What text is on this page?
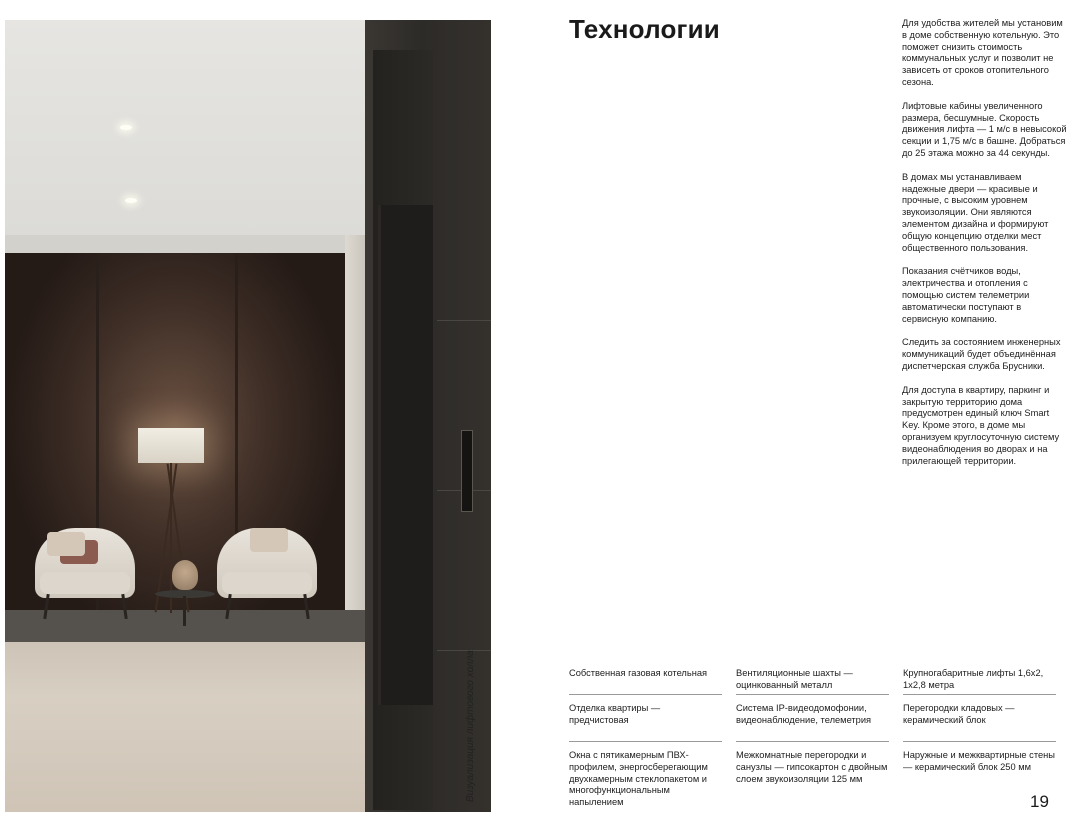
Визуализация лифтового холла
Технологии	Для удобства жителей мы установим в доме собственную котельную. Это поможет снизить стоимость коммунальных услуг и позволит не зависеть от сроков отопительного сезона.

Лифтовые кабины увеличенного размера, бесшумные. Скорость движения лифта — 1 м/с в невысокой секции и 1,75 м/с в башне. Добраться до 25 этажа можно за 44 секунды.

В домах мы устанавливаем надежные двери — красивые и прочные, с высоким уровнем звукоизоляции. Они являются элементом дизайна и формируют общую концепцию отделки мест общественного пользования.

Показания счётчиков воды, электричества и отопления с помощью систем телеметрии автоматически поступают в сервисную компанию.

Следить за состоянием инженерных коммуникаций будет объединённая диспетчерская служба Брусники.

Для доступа в квартиру, паркинг и закрытую территорию дома предусмотрен единый ключ Smart Key. Кроме этого, в доме мы организуем круглосуточную систему видеонаблюдения во дворах и на прилегающей территории.

Собственная газовая котельная	Вентиляционные шахты — оцинкованный металл
Крупногабаритные лифты 1,6x2, 1x2,8 метра
Отделка квартиры — предчистовая
Система IP-видеодомофонии, видеонаблюдение, телеметрия
Перегородки кладовых — керамический блок
Окна с пятикамерным ПВХ-профилем, энергосберегающим двухкамерным стеклопакетом и многофункциональным напылением
Межкомнатные перегородки и санузлы — гипсокартон с двойным слоем звукоизоляции 125 мм
Наружные и межквартирные стены — керамический блок 250 мм
19
